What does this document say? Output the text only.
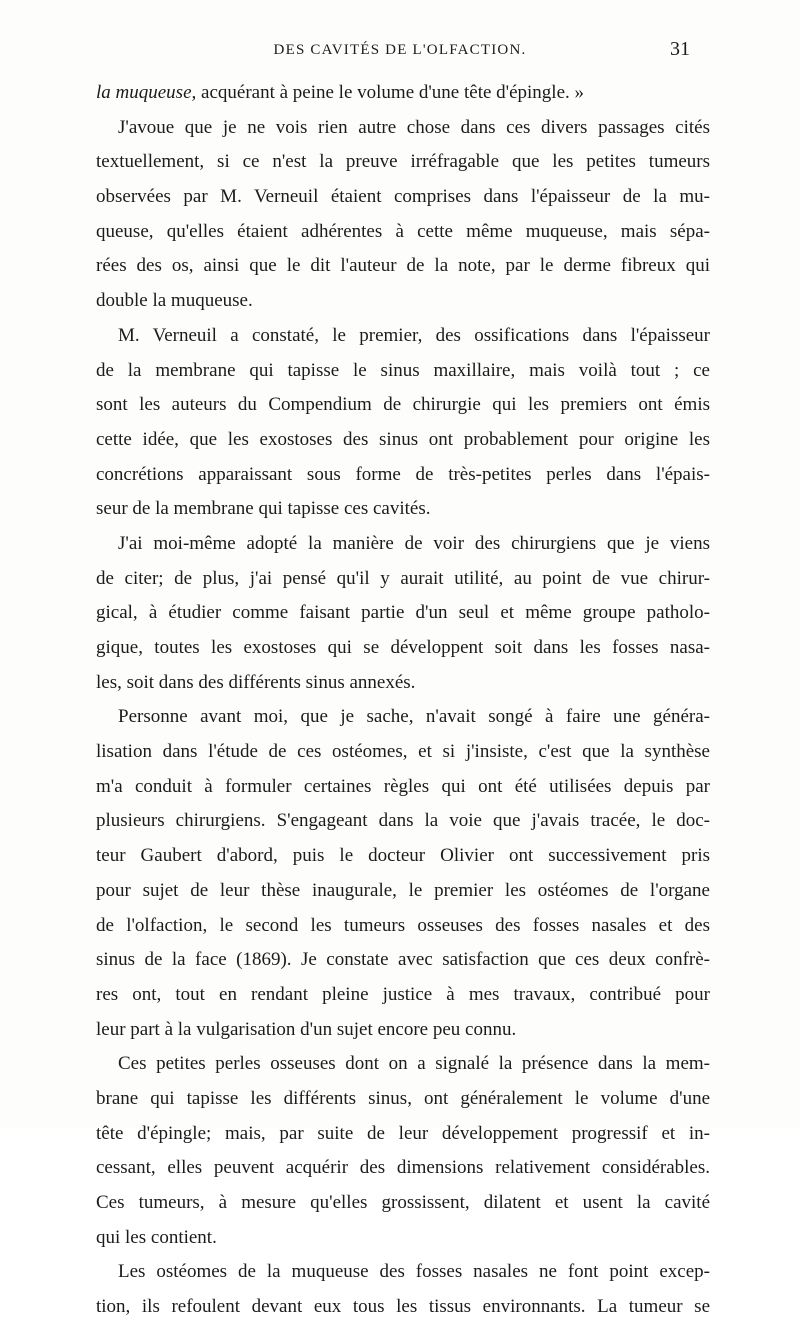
DES CAVITÉS DE L'OLFACTION.	31
la muqueuse, acquérant à peine le volume d'une tête d'épingle. »
J'avoue que je ne vois rien autre chose dans ces divers passages cités
textuellement, si ce n'est la preuve irréfragable que les petites tumeurs
observées par M. Verneuil étaient comprises dans l'épaisseur de la mu-
queuse, qu'elles étaient adhérentes à cette même muqueuse, mais sépa-
rées des os, ainsi que le dit l'auteur de la note, par le derme fibreux qui
double la muqueuse.
M. Verneuil a constaté, le premier, des ossifications dans l'épaisseur
de la membrane qui tapisse le sinus maxillaire, mais voilà tout ; ce
sont les auteurs du Compendium de chirurgie qui les premiers ont émis
cette idée, que les exostoses des sinus ont probablement pour origine les
concrétions apparaissant sous forme de très-petites perles dans l'épais-
seur de la membrane qui tapisse ces cavités.
J'ai moi-même adopté la manière de voir des chirurgiens que je viens
de citer; de plus, j'ai pensé qu'il y aurait utilité, au point de vue chirur-
gical, à étudier comme faisant partie d'un seul et même groupe patholo-
gique, toutes les exostoses qui se développent soit dans les fosses nasa-
les, soit dans des différents sinus annexés.
Personne avant moi, que je sache, n'avait songé à faire une généra-
lisation dans l'étude de ces ostéomes, et si j'insiste, c'est que la synthèse
m'a conduit à formuler certaines règles qui ont été utilisées depuis par
plusieurs chirurgiens. S'engageant dans la voie que j'avais tracée, le doc-
teur Gaubert d'abord, puis le docteur Olivier ont successivement pris
pour sujet de leur thèse inaugurale, le premier les ostéomes de l'organe
de l'olfaction, le second les tumeurs osseuses des fosses nasales et des
sinus de la face (1869). Je constate avec satisfaction que ces deux confrè-
res ont, tout en rendant pleine justice à mes travaux, contribué pour
leur part à la vulgarisation d'un sujet encore peu connu.
Ces petites perles osseuses dont on a signalé la présence dans la mem-
brane qui tapisse les différents sinus, ont généralement le volume d'une
tête d'épingle; mais, par suite de leur développement progressif et in-
cessant, elles peuvent acquérir des dimensions relativement considérables.
Ces tumeurs, à mesure qu'elles grossissent, dilatent et usent la cavité
qui les contient.
Les ostéomes de la muqueuse des fosses nasales ne font point excep-
tion, ils refoulent devant eux tous les tissus environnants. La tumeur se
